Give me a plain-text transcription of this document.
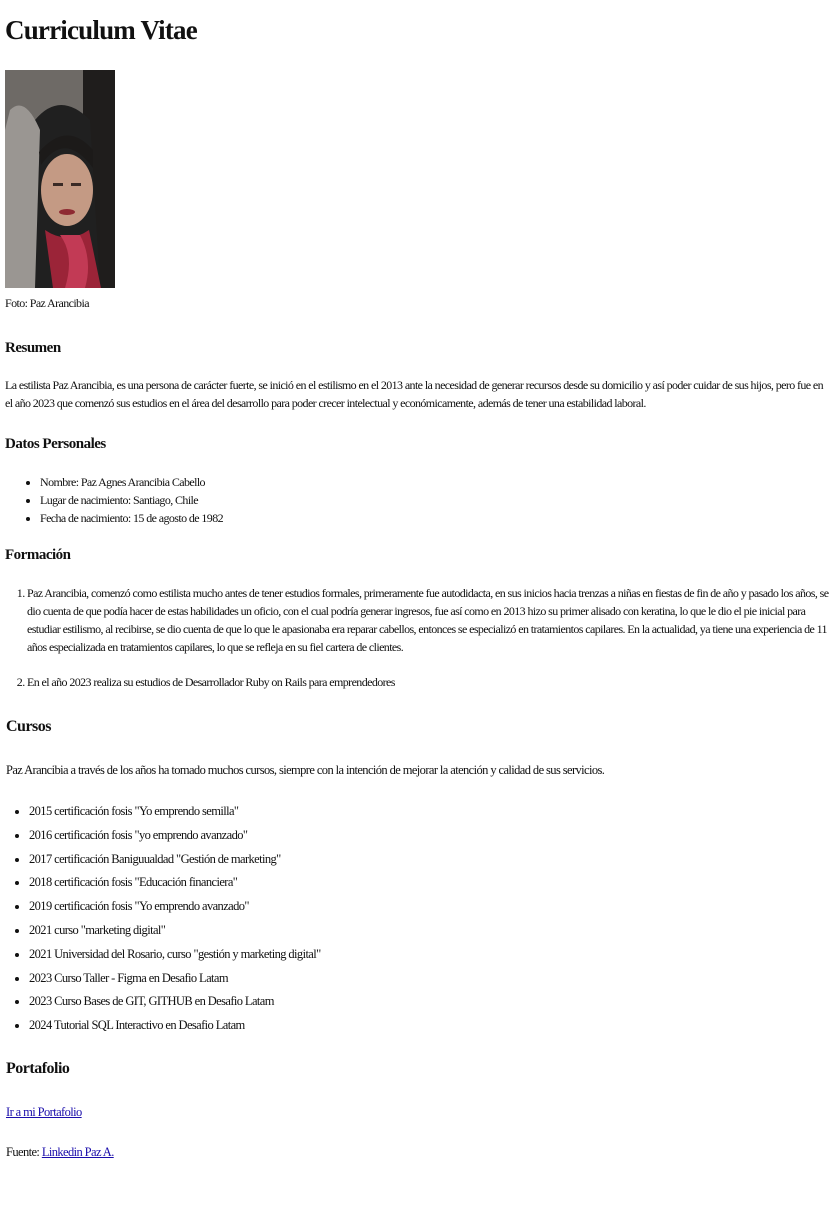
Curriculum Vitae
Foto: Paz Arancibia
Resumen

La estilista Paz Arancibia, es una persona de carácter fuerte, se inició en el estilismo en el 2013 ante la necesidad de generar recursos desde su domicilio y así poder cuidar de sus hijos, pero fue en el año 2023 que comenzó sus estudios en el área del desarrollo para poder crecer intelectual y económicamente, además de tener una estabilidad laboral.

Datos Personales
• Nombre: Paz Agnes Arancibia Cabello
• Lugar de nacimiento: Santiago, Chile
• Fecha de nacimiento: 15 de agosto de 1982
Formación
1. Paz Arancibia, comenzó como estilista mucho antes de tener estudios formales, primeramente fue autodidacta, en sus inicios hacia trenzas a niñas en fiestas de fin de año y pasado los años, se dio cuenta de que podía hacer de estas habilidades un oficio, con el cual podría generar ingresos, fue así como en 2013 hizo su primer alisado con keratina, lo que le dio el pie inicial para estudiar estilismo, al recibirse, se dio cuenta de que lo que le apasionaba era reparar cabellos, entonces se especializó en tratamientos capilares. En la actualidad, ya tiene una experiencia de 11 años especializada en tratamientos capilares, lo que se refleja en su fiel cartera de clientes.
2. En el año 2023 realiza su estudios de Desarrollador Ruby on Rails para emprendedores
Cursos

Paz Arancibia a través de los años ha tomado muchos cursos, siempre con la intención de mejorar la atención y calidad de sus servicios.

• 2015 certificación fosis "Yo emprendo semilla"
• 2016 certificación fosis "yo emprendo avanzado"
• 2017 certificación Baniguualdad "Gestión de marketing"
• 2018 certificación fosis "Educación financiera"
• 2019 certificación fosis "Yo emprendo avanzado"
• 2021 curso "marketing digital"
• 2021 Universidad del Rosario, curso "gestión y marketing digital"
• 2023 Curso Taller - Figma en Desafio Latam
• 2023 Curso Bases de GIT, GITHUB en Desafio Latam
• 2024 Tutorial SQL Interactivo en Desafio Latam
Portafolio

Ir a mi Portafolio

Fuente: Linkedin Paz A.
